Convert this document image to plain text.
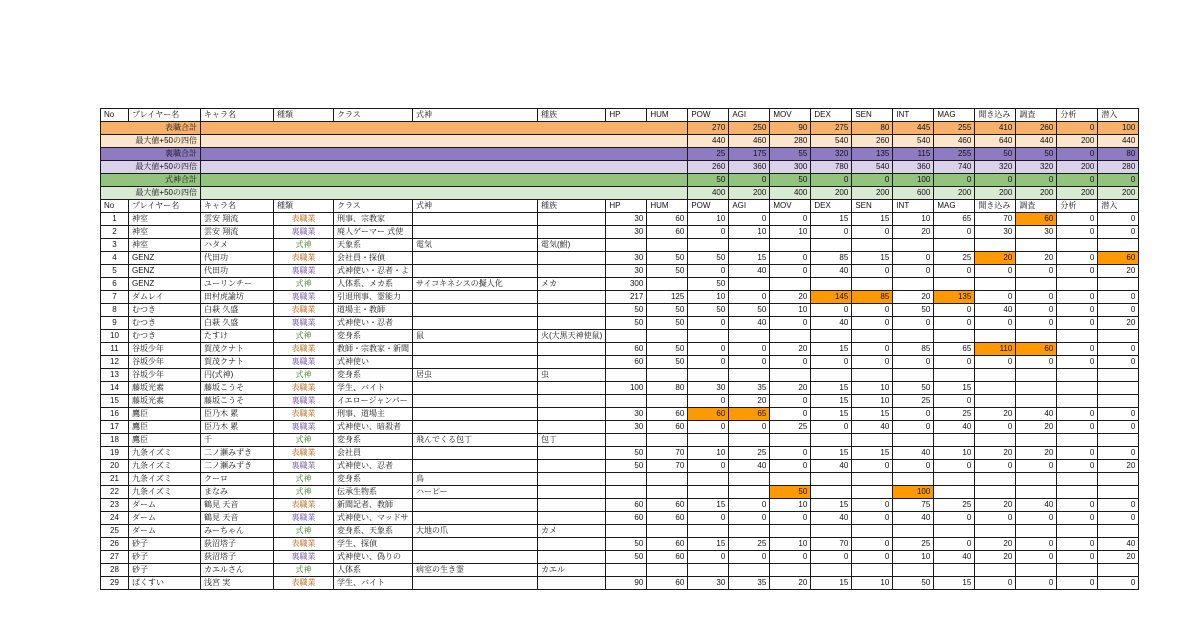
No	プレイヤー名	キャラ名	種類	クラス	式神	種族	HP	HUM	POW	AGI	MOV	DEX	SEN	INT	MAG	聞き込み	調査	分析	潜入
表職合計									270	250	90	275	80	445	255	410	260	0	100
最大値+50の四倍									440	460	280	540	260	540	460	640	440	200	440
裏職合計									25	175	55	320	135	115	255	50	50	0	80
最大値+50の四倍									260	360	300	780	540	360	740	320	320	200	280
式神合計									50	0	50	0	0	100	0	0	0	0	0
最大値+50の四倍									400	200	400	200	200	600	200	200	200	200	200
No	プレイヤー名	キャラ名	種類	クラス	式神	種族	HP	HUM	POW	AGI	MOV	DEX	SEN	INT	MAG	聞き込み	調査	分析	潜入
1	神室	雲安 翔流	表職業	刑事、宗教家			30	60	10	0	0	15	15	10	65	70	60	0	0
2	神室	雲安 翔流	裏職業	廃人ゲーマー 式使			30	60	0	10	10	0	0	20	0	30	30	0	0
3	神室	ハタメ	式神	天象系	電気	電気(鮒)													
4	GENZ	代田功	表職業	会社員・探偵			30	50	50	15	0	85	15	0	25	20	20	0	60
5	GENZ	代田功	裏職業	式神使い・忍者・よ			30	50	0	40	0	40	0	0	0	0	0	0	20
6	GENZ	ユーリンチー	式神	人体系、メカ系	サイコキネシスの擬人化	メカ	300		50										
7	ダムレイ	田村虎諭坊	裏職業	引退刑事、霊能力			217	125	10	0	20	145	85	20	135	0	0	0	0
8	むつき	白萩 久盛	表職業	道場主・教師			50	50	50	50	10	0	0	50	0	40	0	0	0
9	むつき	白萩 久盛	裏職業	式神使い・忍者			50	50	0	40	0	40	0	0	0	0	0	0	20
10	むつき	たすけ	式神	変身系	鼠	火(大黒天神使鼠)													
11	谷坂少年	賀茂クナト	表職業	教師・宗教家・新聞			60	50	0	0	20	15	0	85	65	110	60	0	0
12	谷坂少年	賀茂クナト	裏職業	式神使い			60	50	0	0	0	0	0	0	0	0	0	0	0
13	谷坂少年	円(式神)	式神	変身系	居虫	虫													
14	藤坂光素	藤坂こうそ	表職業	学生、バイト			100	80	30	35	20	15	10	50	15				
15	藤坂光素	藤坂こうそ	裏職業	イエロージャンパー					0	20	0	15	10	25	0				
16	鷹臣	臣乃木 累	表職業	刑事、道場主			30	60	60	65	0	15	15	0	25	20	40	0	0
17	鷹臣	臣乃木 累	裏職業	式神使い、暗殺者			30	60	0	0	25	0	40	0	40	0	20	0	0
18	鷹臣	千	式神	変身系	飛んでくる包丁	包丁													
19	九条イズミ	二ノ瀬みずき	表職業	会社員			50	70	10	25	0	15	15	40	10	20	20	0	0
20	九条イズミ	二ノ瀬みずき	裏職業	式神使い、忍者			50	70	0	40	0	40	0	0	0	0	0	0	20
21	九条イズミ	クーロ	式神	変身系	鳥														
22	九条イズミ	まなみ	式神	伝承生物系	ハーピー						50			100					
23	ダーム	鶴見 天音	表職業	新聞記者、教師			60	60	15	0	10	15	0	75	25	20	40	0	0
24	ダーム	鶴見 天音	裏職業	式神使い、マッドサ			60	60	0	0	0	40	0	40	0	0	0	0	0
25	ダーム	みーちゃん	式神	変身系、天象系	大地の爪	カメ													
26	砂子	荻沼塔子	表職業	学生、探偵			50	60	15	25	10	70	0	25	0	20	0	0	40
27	砂子	荻沼塔子	裏職業	式神使い、偽りの			50	60	0	0	0	0	0	10	40	20	0	0	20
28	砂子	カエルさん	式神	人体系	病室の生き霊	カエル													
29	ぱくすい	浅宮 実	表職業	学生、バイト			90	60	30	35	20	15	10	50	15	0	0	0	0
